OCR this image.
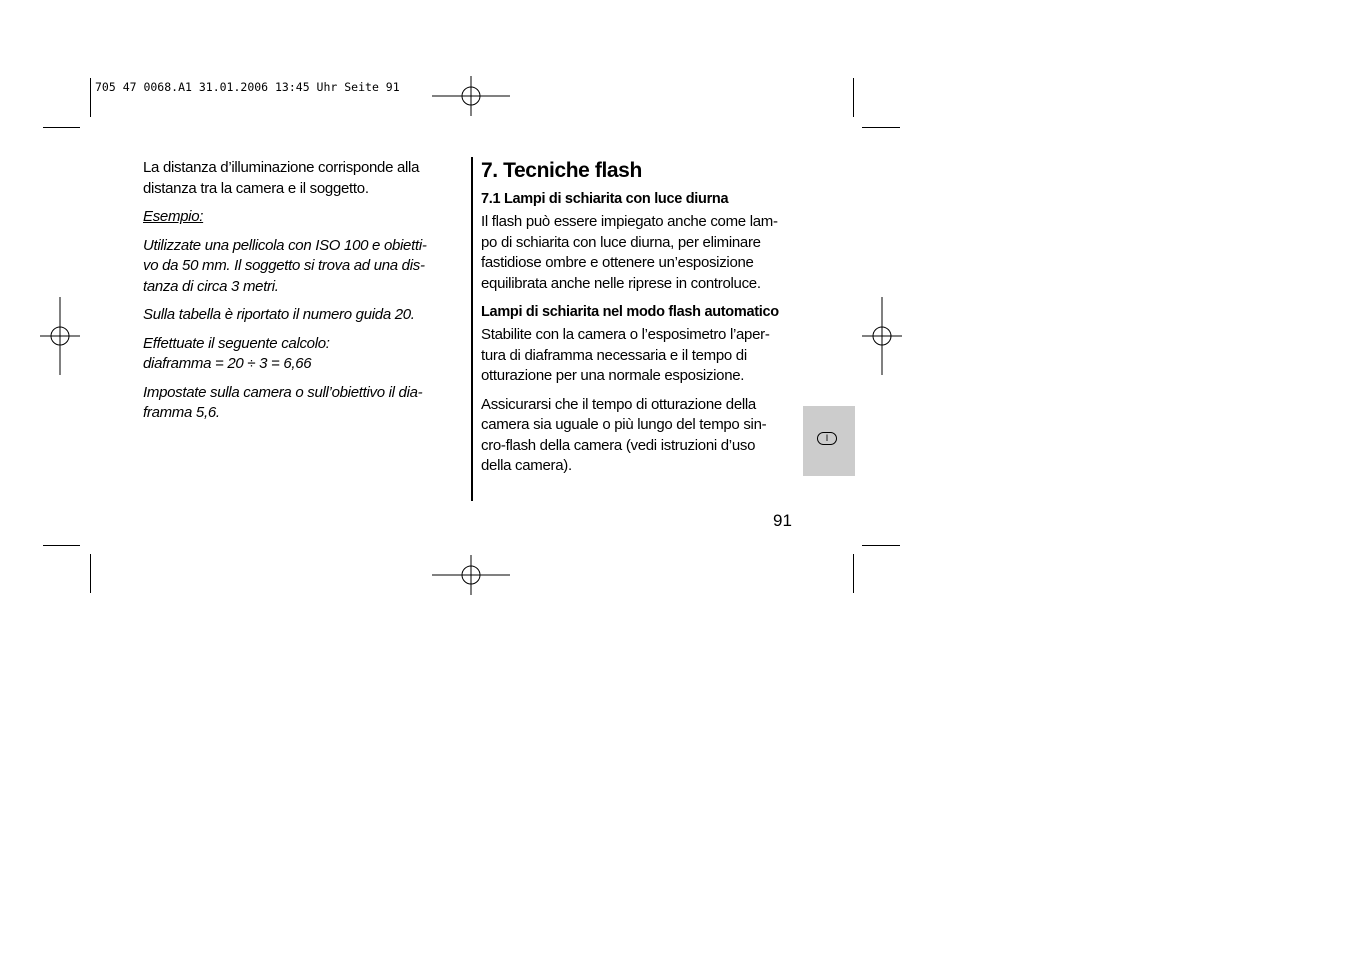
705 47 0068.A1 31.01.2006 13:45 Uhr Seite 91

La distanza d’illuminazione corrisponde alla
distanza tra la camera e il soggetto.

Esempio:

Utilizzate una pellicola con ISO 100 e obietti-
vo da 50 mm. Il soggetto si trova ad una dis-
tanza di circa 3 metri.

Sulla tabella è riportato il numero guida 20.

Effettuate il seguente calcolo:
diaframma = 20 ÷ 3 = 6,66

Impostate sulla camera o sull’obiettivo il dia-
framma 5,6.

7. Tecniche flash
7.1 Lampi di schiarita con luce diurna

Il flash può essere impiegato anche come lam-
po di schiarita con luce diurna, per eliminare
fastidiose ombre e ottenere un’esposizione
equilibrata anche nelle riprese in controluce.

Lampi di schiarita nel modo flash automatico

Stabilite con la camera o l’esposimetro l’aper-
tura di diaframma necessaria e il tempo di
otturazione per una normale esposizione.

Assicurarsi che il tempo di otturazione della
camera sia uguale o più lungo del tempo sin-
cro-flash della camera (vedi istruzioni d’uso
della camera).

I
91
